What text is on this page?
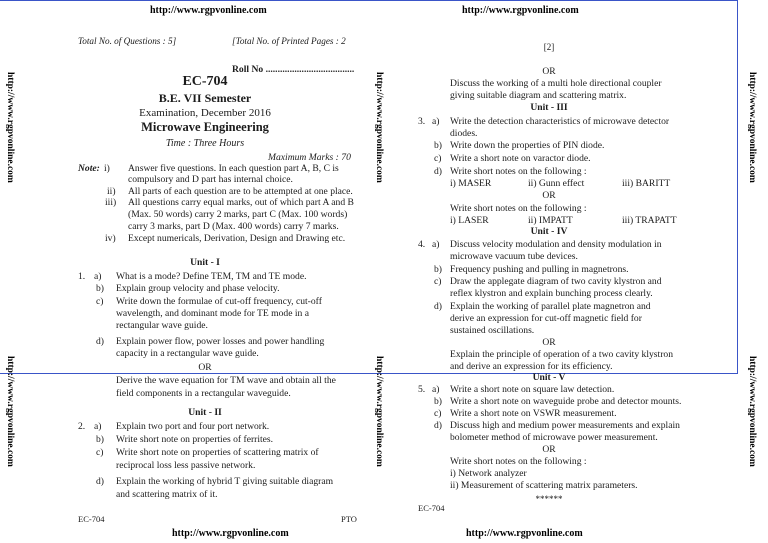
http://www.rgpvonline.com	http://www.rgpvonline.com
http://www.rgpvonline.com	http://www.rgpvonline.com
http://www.rgpvonline.com
http://www.rgpvonline.com
http://www.rgpvonline.com
http://www.rgpvonline.com
http://www.rgpvonline.com
http://www.rgpvonline.com
Total No. of Questions : 5]	[Total No. of Printed Pages : 2
Roll No .....................................
EC-704
B.E. VII Semester
Examination, December 2016
Microwave Engineering
Time : Three Hours
Maximum Marks : 70
Note: i) Answer five questions. In each question part A, B, C is
compulsory and D part has internal choice.
ii) All parts of each question are to be attempted at one place.
iii) All questions carry equal marks, out of which part A and B
(Max. 50 words) carry 2 marks, part C (Max. 100 words)
carry 3 marks, part D (Max. 400 words) carry 7 marks.
iv) Except numericals, Derivation, Design and Drawing etc.
Unit - I
1. a) What is a mode? Define TEM, TM and TE mode.
b) Explain group velocity and phase velocity.
c) Write down the formulae of cut-off frequency, cut-off
wavelength, and dominant mode for TE mode in a
rectangular wave guide.
d) Explain power flow, power losses and power handling
capacity in a rectangular wave guide.
OR
Derive the wave equation for TM wave and obtain all the
field components in a rectangular waveguide.
Unit - II
2. a) Explain two port and four port network.
b) Write short note on properties of ferrites.
c) Write short note on properties of scattering matrix of
reciprocal loss less passive network.
d) Explain the working of hybrid T giving suitable diagram
and scattering matrix of it.
EC-704	PTO
[2]
OR
Discuss the working of a multi hole directional coupler
giving suitable diagram and scattering matrix.
Unit - III
3. a) Write the detection characteristics of microwave detector
diodes.
b) Write down the properties of PIN diode.
c) Write a short note on varactor diode.
d) Write short notes on the following :
i) MASER	ii) Gunn effect	iii) BARITT
OR
Write short notes on the following :
i) LASER	ii) IMPATT	iii) TRAPATT
Unit - IV
4. a) Discuss velocity modulation and density modulation in
microwave vacuum tube devices.
b) Frequency pushing and pulling in magnetrons.
c) Draw the applegate diagram of two cavity klystron and
reflex klystron and explain bunching process clearly.
d) Explain the working of parallel plate magnetron and
derive an expression for cut-off magnetic field for
sustained oscillations.
OR
Explain the principle of operation of a two cavity klystron
and derive an expression for its efficiency.
Unit - V
5. a) Write a short note on square law detection.
b) Write a short note on waveguide probe and detector mounts.
c) Write a short note on VSWR measurement.
d) Discuss high and medium power measurements and explain
bolometer method of microwave power measurement.
OR
Write short notes on the following :
i) Network analyzer
ii) Measurement of scattering matrix parameters.
******
EC-704
